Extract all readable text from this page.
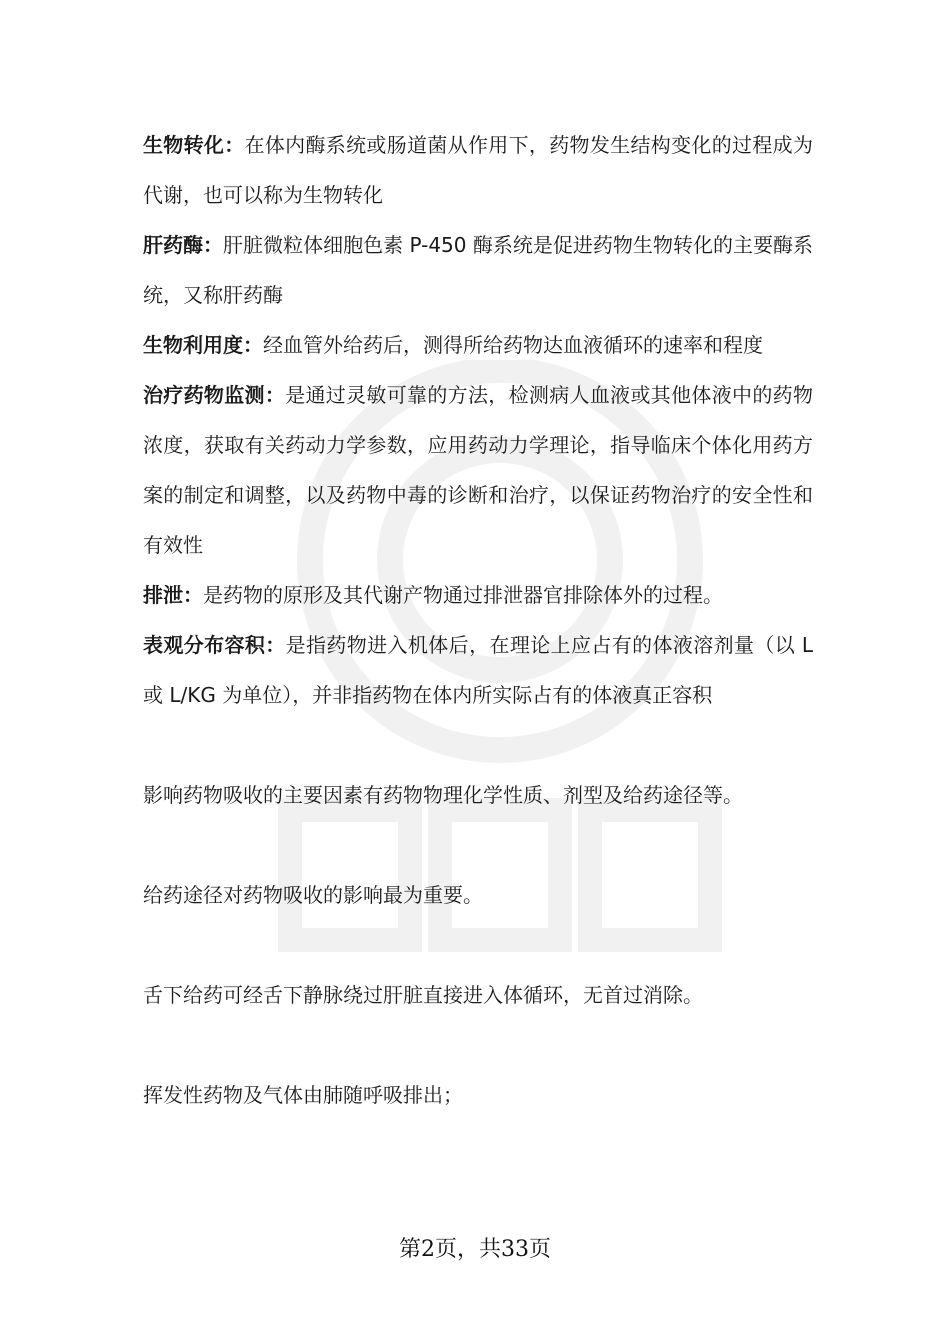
生物转化：在体内酶系统或肠道菌从作用下，药物发生结构变化的过程成为代谢，也可以称为生物转化

肝药酶：肝脏微粒体细胞色素 P-450 酶系统是促进药物生物转化的主要酶系统，又称肝药酶

生物利用度：经血管外给药后，测得所给药物达血液循环的速率和程度

治疗药物监测：是通过灵敏可靠的方法，检测病人血液或其他体液中的药物浓度，获取有关药动力学参数，应用药动力学理论，指导临床个体化用药方案的制定和调整，以及药物中毒的诊断和治疗，以保证药物治疗的安全性和有效性

排泄：是药物的原形及其代谢产物通过排泄器官排除体外的过程。

表观分布容积：是指药物进入机体后，在理论上应占有的体液溶剂量（以 L 或 L/KG 为单位），并非指药物在体内所实际占有的体液真正容积

影响药物吸收的主要因素有药物物理化学性质、剂型及给药途径等。

给药途径对药物吸收的影响最为重要。

舌下给药可经舌下静脉绕过肝脏直接进入体循环，无首过消除。

挥发性药物及气体由肺随呼吸排出；

第2页，共33页
